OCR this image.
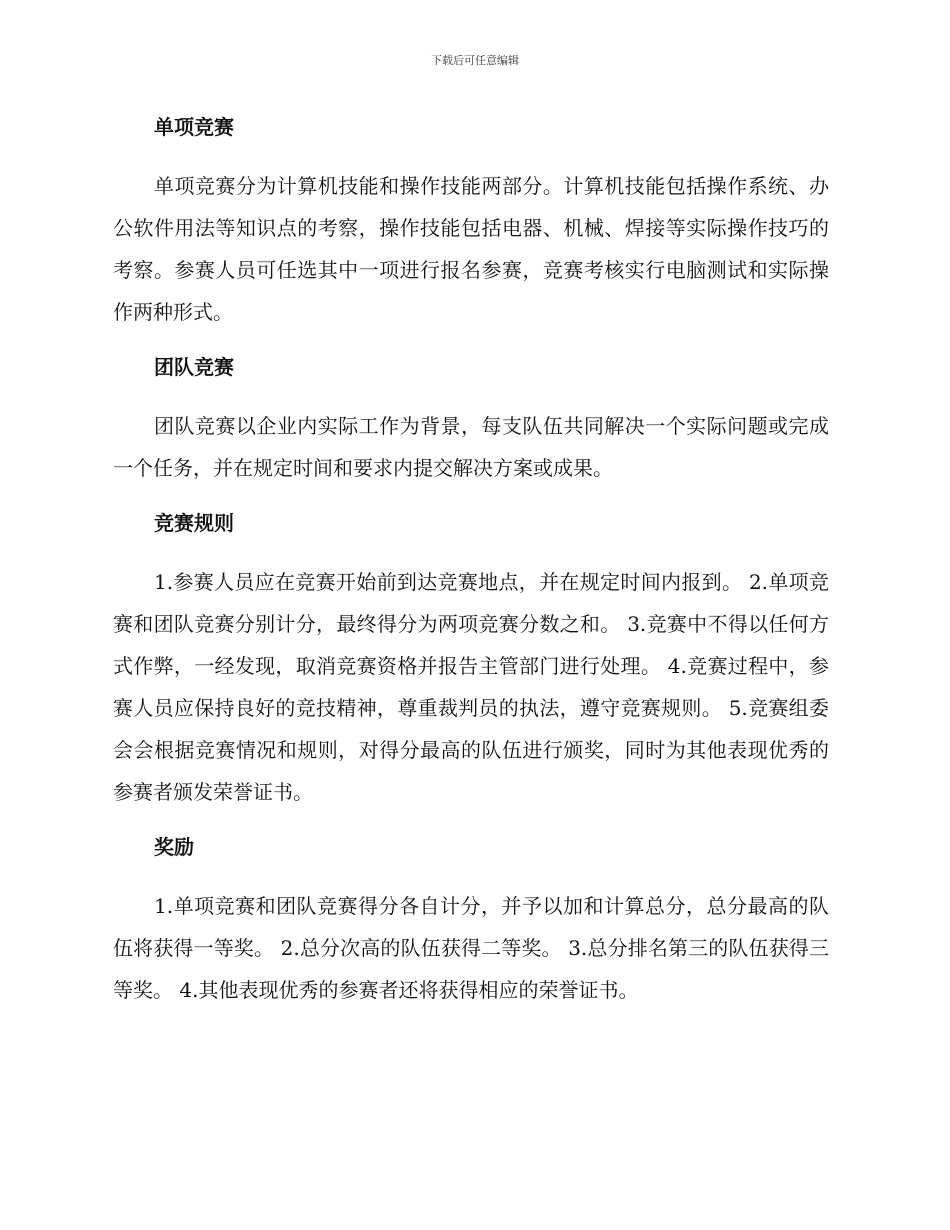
下载后可任意编辑
单项竞赛

单项竞赛分为计算机技能和操作技能两部分。计算机技能包括操作系统、办公软件用法等知识点的考察，操作技能包括电器、机械、焊接等实际操作技巧的考察。参赛人员可任选其中一项进行报名参赛，竞赛考核实行电脑测试和实际操作两种形式。

团队竞赛

团队竞赛以企业内实际工作为背景，每支队伍共同解决一个实际问题或完成一个任务，并在规定时间和要求内提交解决方案或成果。

竞赛规则

1.参赛人员应在竞赛开始前到达竞赛地点，并在规定时间内报到。 2.单项竞赛和团队竞赛分别计分，最终得分为两项竞赛分数之和。 3.竞赛中不得以任何方式作弊，一经发现，取消竞赛资格并报告主管部门进行处理。 4.竞赛过程中，参赛人员应保持良好的竞技精神，尊重裁判员的执法，遵守竞赛规则。 5.竞赛组委会会根据竞赛情况和规则，对得分最高的队伍进行颁奖，同时为其他表现优秀的参赛者颁发荣誉证书。

奖励

1.单项竞赛和团队竞赛得分各自计分，并予以加和计算总分，总分最高的队伍将获得一等奖。 2.总分次高的队伍获得二等奖。 3.总分排名第三的队伍获得三等奖。 4.其他表现优秀的参赛者还将获得相应的荣誉证书。
